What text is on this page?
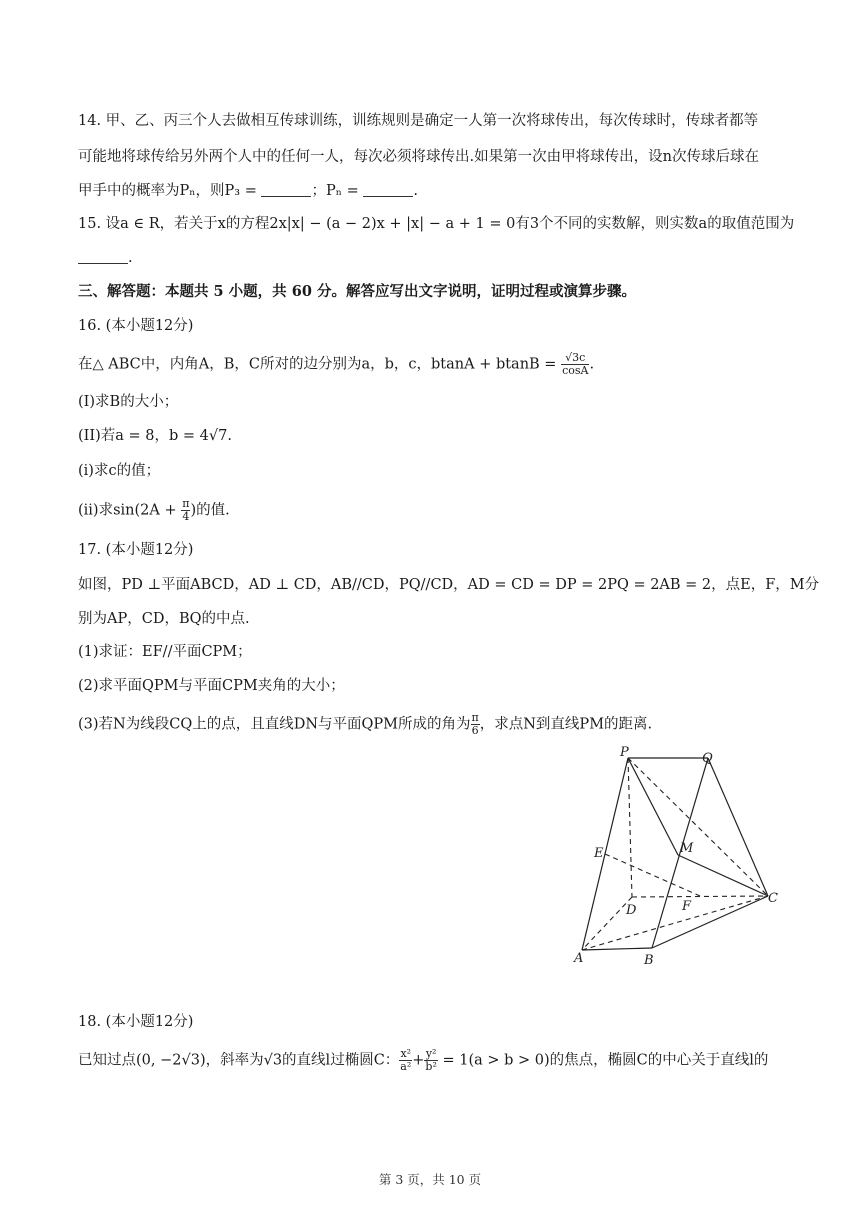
14. 甲、乙、丙三个人去做相互传球训练，训练规则是确定一人第一次将球传出，每次传球时，传球者都等
可能地将球传给另外两个人中的任何一人，每次必须将球传出.如果第一次由甲将球传出，设n次传球后球在
甲手中的概率为Pₙ，则P₃ =	；Pₙ =	.
15. 设a ∈ R，若关于x的方程2x|x| − (a − 2)x + |x| − a + 1 = 0有3个不同的实数解，则实数a的取值范围为
.
三、解答题：本题共 5 小题，共 60 分。解答应写出文字说明，证明过程或演算步骤。
16. (本小题12分)
在△ ABC中，内角A，B，C所对的边分别为a，b，c，$btanA + btanB = \frac{√3c}{\cos A}$ .
(I)求B的大小；
(II)若a = 8，b = 4√7.
(i)求c的值；
(ii)求$\sin(2A + \frac{\pi}{4}$ )的值.
17. (本小题12分)
如图，PD ⊥平面ABCD，AD ⊥ CD，AB//CD，PQ//CD，AD = CD = DP = 2PQ = 2AB = 2，点E，F，M分
别为AP，CD，BQ的中点.
(1)求证：EF//平面CPM；
(2)求平面QPM与平面CPM夹角的大小；
(3)若N为线段CQ上的点，且直线DN与平面QPM所成的角为 $\frac{\pi}{6}$ ，求点N到直线PM的距离.
P	Q
M
E
F
D
C
A	B
18. (本小题12分)
已知过点(0, −2√3)，斜率为√3的直线l过椭圆C： $\frac{\text{x²}}{\text{a²}} + \frac{\text{y²}}{\text{b²}} = 1(a > b > 0)$的焦点，椭圆C的中心关于直线l的
第 3 页，共 10 页
